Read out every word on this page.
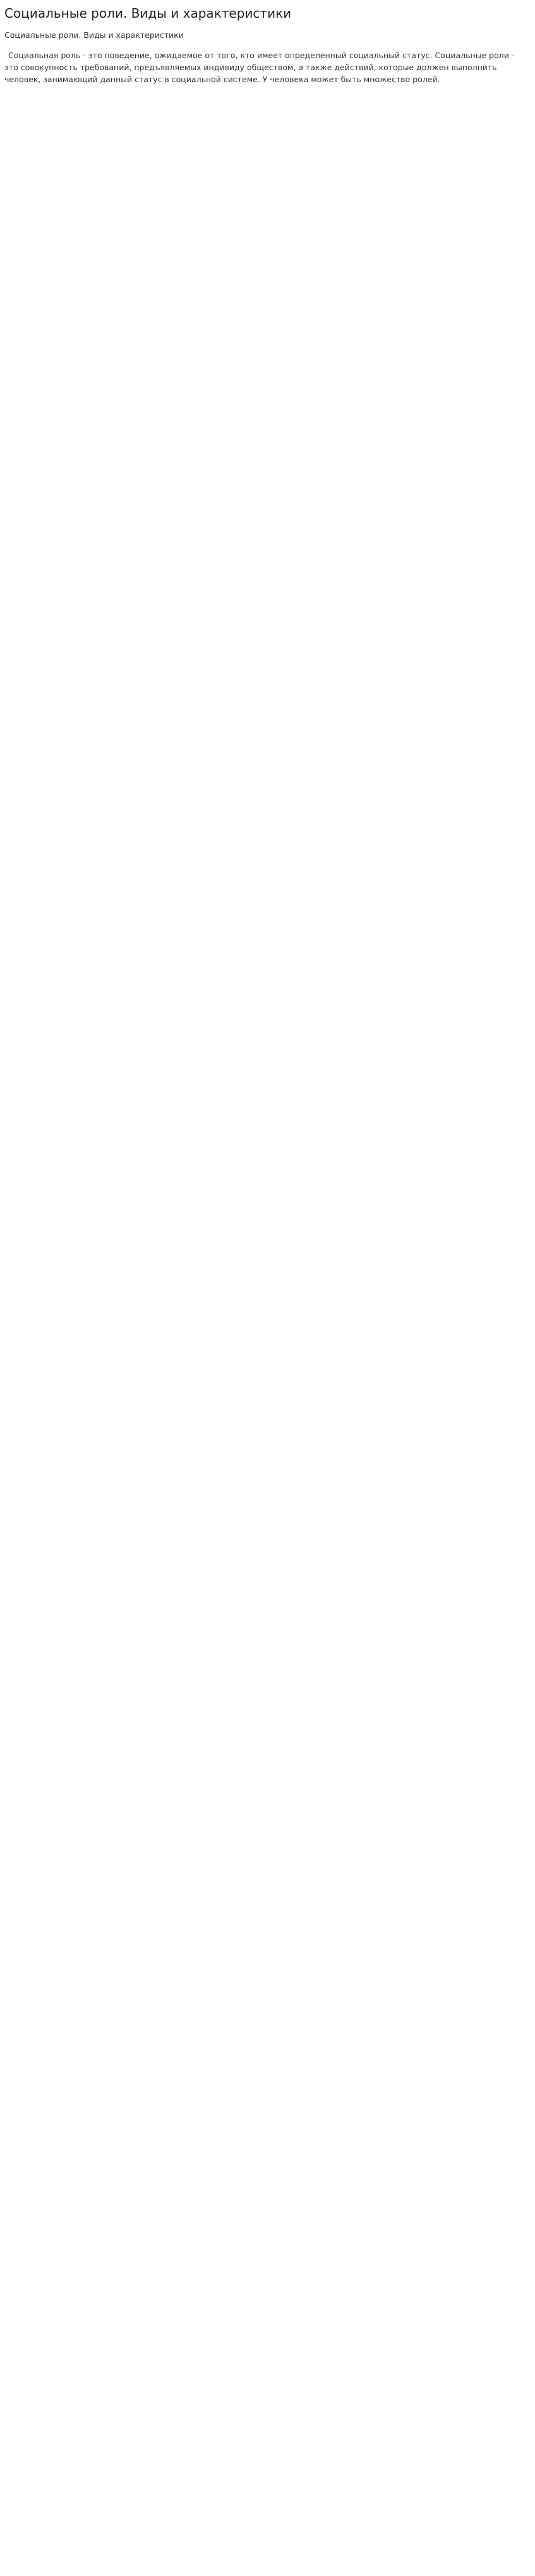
Социальные роли. Виды и характеристики

Социальные роли. Виды и характеристики

Социальная роль - это поведение, ожидаемое от того, кто имеет определенный социальный статус. Социальные роли - это совокупность требований, предъявляемых индивиду обществом, а также действий, которые должен выполнить человек, занимающий данный статус в социальной системе. У человека может быть множество ролей.
